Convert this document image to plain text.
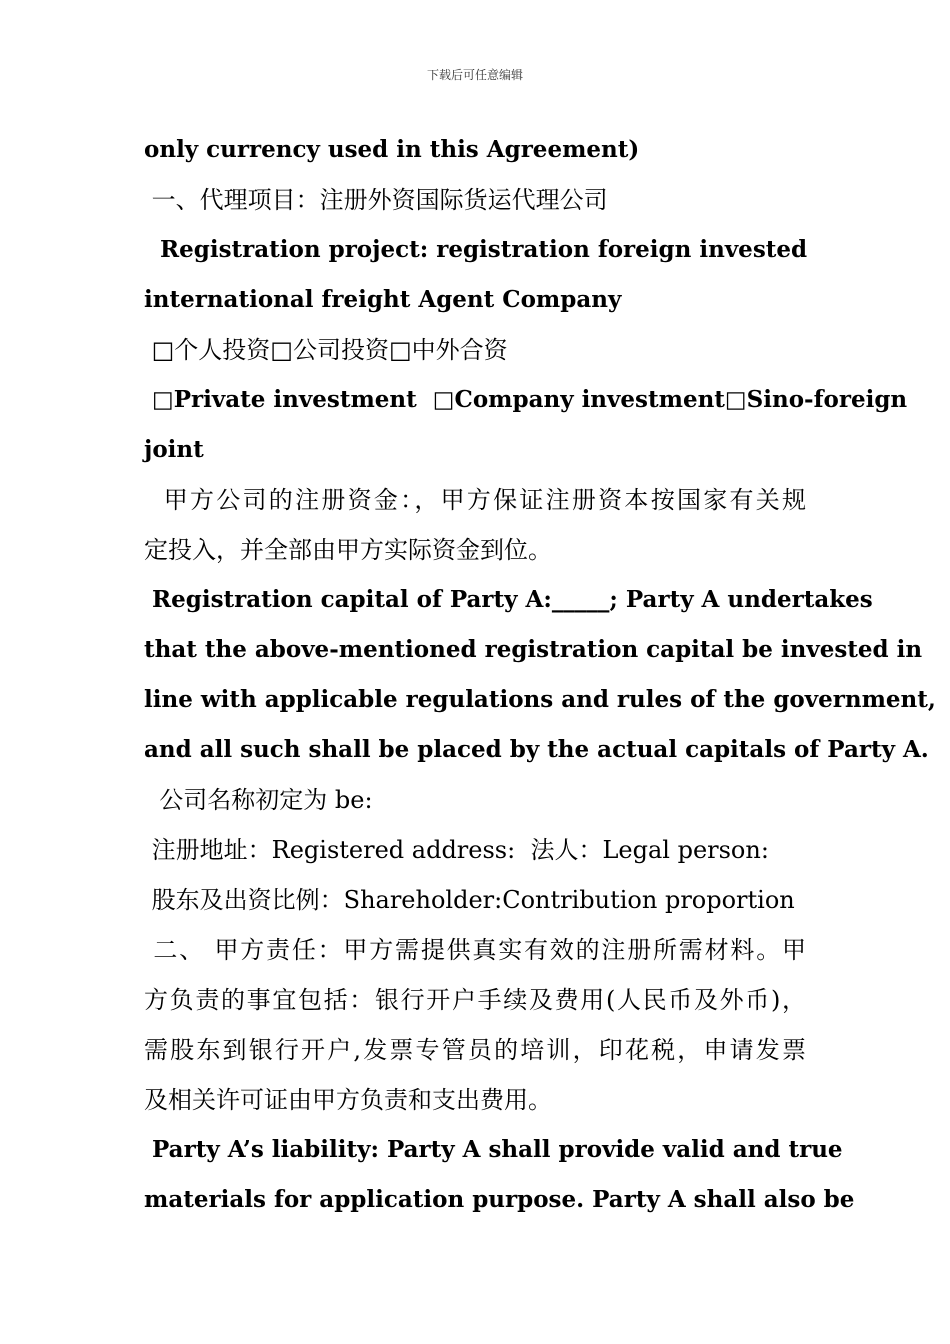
下载后可任意编辑
only currency used in this Agreement)
一、代理项目：注册外资国际货运代理公司
Registration project: registration foreign invested
international freight Agent Company
□个人投资□公司投资□中外合资
□Private investment  □Company investment□Sino-foreign
joint
甲方公司的注册资金：，甲方保证注册资本按国家有关规
定投入，并全部由甲方实际资金到位。
Registration capital of Party A:_____; Party A undertakes
that the above-mentioned registration capital be invested in
line with applicable regulations and rules of the government,
and all such shall be placed by the actual capitals of Party A.
公司名称初定为 be:
注册地址：Registered address:  法人：Legal person:
股东及出资比例：Shareholder:Contribution proportion
二、 甲方责任：甲方需提供真实有效的注册所需材料。甲
方负责的事宜包括：银行开户手续及费用(人民币及外币)，
需股东到银行开户,发票专管员的培训，印花税，申请发票
及相关许可证由甲方负责和支出费用。
Party A’s liability: Party A shall provide valid and true
materials for application purpose. Party A shall also be
